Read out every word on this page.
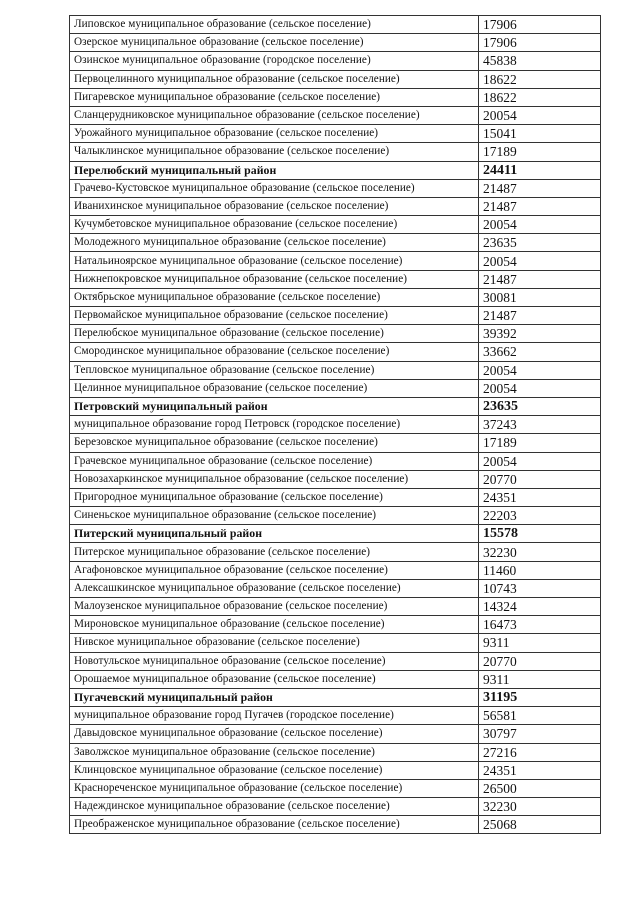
Липовское муниципальное образование (сельское поселение)	17906
Озерское муниципальное образование (сельское поселение)	17906
Озинское муниципальное образование (городское поселение)	45838
Первоцелинного муниципальное образование (сельское поселение)	18622
Пигаревское муниципальное образование (сельское поселение)	18622
Сланцерудниковское муниципальное образование (сельское поселение)	20054
Урожайного муниципальное образование (сельское поселение)	15041
Чалыклинское муниципальное образование (сельское поселение)	17189
Перелюбский муниципальный район	24411
Грачево-Кустовское муниципальное образование (сельское поселение)	21487
Иванихинское муниципальное образование (сельское поселение)	21487
Кучумбетовское муниципальное образование (сельское поселение)	20054
Молодежного муниципальное образование (сельское поселение)	23635
Натальиноярское муниципальное образование (сельское поселение)	20054
Нижнепокровское муниципальное образование (сельское поселение)	21487
Октябрьское муниципальное образование (сельское поселение)	30081
Первомайское муниципальное образование (сельское поселение)	21487
Перелюбское муниципальное образование (сельское поселение)	39392
Смородинское муниципальное образование (сельское поселение)	33662
Тепловское муниципальное образование (сельское поселение)	20054
Целинное муниципальное образование (сельское поселение)	20054
Петровский муниципальный район	23635
муниципальное образование город Петровск (городское поселение)	37243
Березовское муниципальное образование (сельское поселение)	17189
Грачевское муниципальное образование (сельское поселение)	20054
Новозахаркинское муниципальное образование (сельское поселение)	20770
Пригородное муниципальное образование (сельское поселение)	24351
Синеньское муниципальное образование (сельское поселение)	22203
Питерский муниципальный район	15578
Питерское муниципальное образование (сельское поселение)	32230
Агафоновское муниципальное образование (сельское поселение)	11460
Алексашкинское муниципальное образование (сельское поселение)	10743
Малоузенское муниципальное образование (сельское поселение)	14324
Мироновское муниципальное образование (сельское поселение)	16473
Нивское муниципальное образование (сельское поселение)	9311
Новотульское муниципальное образование (сельское поселение)	20770
Орошаемое муниципальное образование (сельское поселение)	9311
Пугачевский муниципальный район	31195
муниципальное образование город Пугачев (городское поселение)	56581
Давыдовское муниципальное образование (сельское поселение)	30797
Заволжское муниципальное образование (сельское поселение)	27216
Клинцовское муниципальное образование (сельское поселение)	24351
Краснореченское муниципальное образование (сельское поселение)	26500
Надеждинское муниципальное образование (сельское поселение)	32230
Преображенское муниципальное образование (сельское поселение)	25068
